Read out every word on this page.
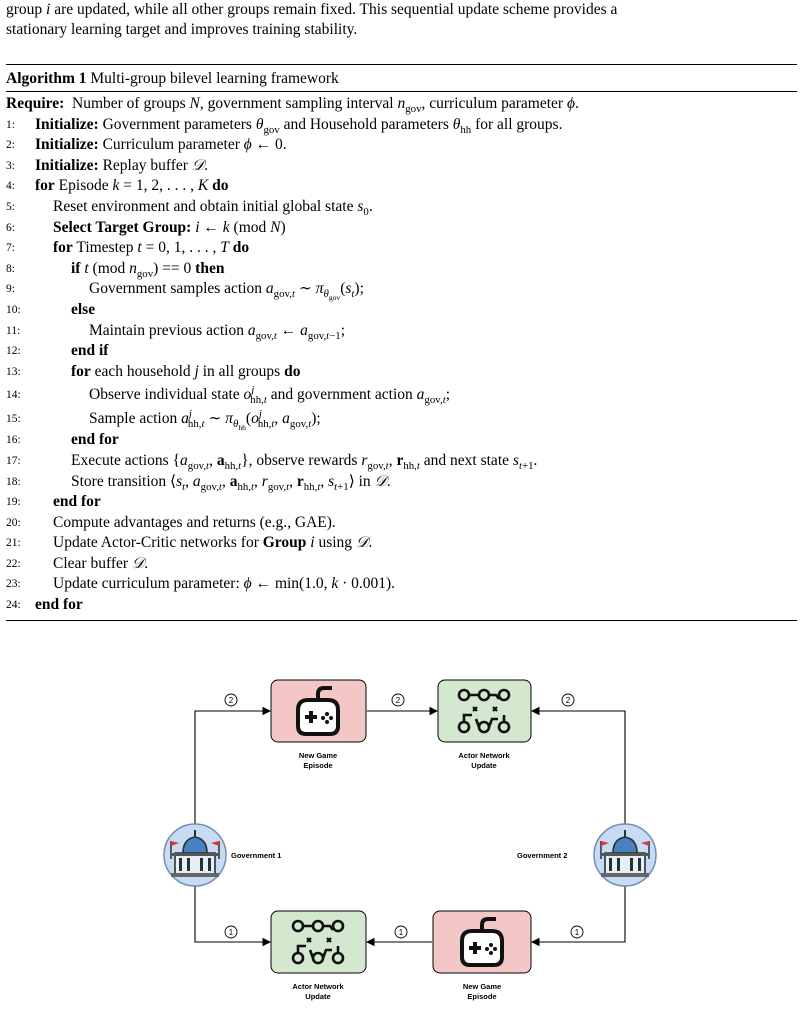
group i are updated, while all other groups remain fixed. This sequential update scheme provides a

stationary learning target and improves training stability.

Algorithm 1 Multi-group bilevel learning framework
Require:  Number of groups N, government sampling interval $n_{gov}$, curriculum parameter ϕ.
1:	Initialize: Government parameters $\theta_{gov}$ and Household parameters $\theta_{hh}$ for all groups.
2:	Initialize: Curriculum parameter ϕ ← 0.
3:	Initialize: Replay buffer 𝒟.
4:	for Episode k = 1, 2, . . . , K do
5:	Reset environment and obtain initial global state $s_0$.
6:	Select Target Group: i ← k (mod N)
7:	for Timestep t = 0, 1, . . . , T do
8:	if t (mod $n_{gov}) == 0$ then
9:	Government samples action $a_{gov,t}$ ∼ $\pi_{\theta_{gov}}(s_t)$;
10:	else
11:	Maintain previous action $a_{gov,t}$ ← $a_{gov,t-1}$;
12:	end if
13:	for each household j in all groups do
14:	Observe individual state $o^j_{hh,t}$ and government action $a_{gov,t}$;
15:	Sample action $a^j_{hh,t}$ ∼ $\pi_{\theta_{hh}}(o^j_{hh,t}$, $a_{gov,t}$);
16:	end for
17:	Execute actions {$a_{gov,t}$, $a_{hh,t}$}, observe rewards $r_{gov,t}$, $r_{hh,t}$ and next state $s_{t+1}$.
18:	Store transition $⟨s_t$, $a_{gov,t}$, $a_{hh,t}$, $r_{gov,t}$, $r_{hh,t}$, $s_{t+1}⟩$ in 𝒟.
19:	end for
20:	Compute advantages and returns (e.g., GAE).
21:	Update Actor-Critic networks for Group i using 𝒟.
22:	Clear buffer 𝒟.
23:	Update curriculum parameter: ϕ ← min(1.0, k · 0.001).
24: end for
2	2	2
1	1	1
New Game
Episode
Actor Network
Update
Government 1	Government 2
Actor Network
Update
New Game
Episode
